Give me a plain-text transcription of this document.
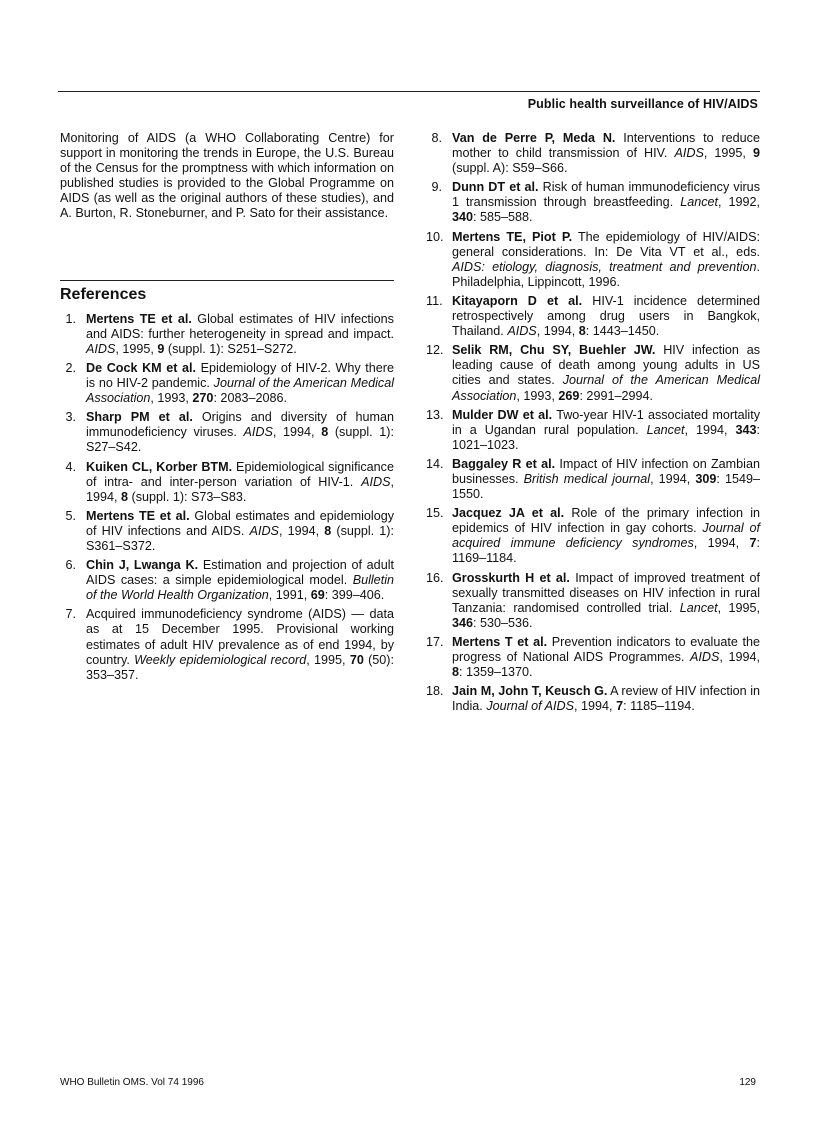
Public health surveillance of HIV/AIDS

Monitoring of AIDS (a WHO Collaborating Centre) for support in monitoring the trends in Europe, the U.S. Bureau of the Census for the promptness with which information on published studies is provided to the Global Programme on AIDS (as well as the original authors of these studies), and A. Burton, R. Stoneburner, and P. Sato for their assistance.

References
1. Mertens TE et al. Global estimates of HIV infections and AIDS: further heterogeneity in spread and impact. AIDS, 1995, 9 (suppl. 1): S251–S272.
2. De Cock KM et al. Epidemiology of HIV-2. Why there is no HIV-2 pandemic. Journal of the American Medical Association, 1993, 270: 2083–2086.
3. Sharp PM et al. Origins and diversity of human immunodeficiency viruses. AIDS, 1994, 8 (suppl. 1): S27–S42.
4. Kuiken CL, Korber BTM. Epidemiological significance of intra- and inter-person variation of HIV-1. AIDS, 1994, 8 (suppl. 1): S73–S83.
5. Mertens TE et al. Global estimates and epidemiology of HIV infections and AIDS. AIDS, 1994, 8 (suppl. 1): S361–S372.
6. Chin J, Lwanga K. Estimation and projection of adult AIDS cases: a simple epidemiological model. Bulletin of the World Health Organization, 1991, 69: 399–406.
7. Acquired immunodeficiency syndrome (AIDS) — data as at 15 December 1995. Provisional working estimates of adult HIV prevalence as of end 1994, by country. Weekly epidemiological record, 1995, 70 (50): 353–357.
8. Van de Perre P, Meda N. Interventions to reduce mother to child transmission of HIV. AIDS, 1995, 9 (suppl. A): S59–S66.
9. Dunn DT et al. Risk of human immunodeficiency virus 1 transmission through breastfeeding. Lancet, 1992, 340: 585–588.
10. Mertens TE, Piot P. The epidemiology of HIV/AIDS: general considerations. In: De Vita VT et al., eds. AIDS: etiology, diagnosis, treatment and prevention. Philadelphia, Lippincott, 1996.
11. Kitayaporn D et al. HIV-1 incidence determined retrospectively among drug users in Bangkok, Thailand. AIDS, 1994, 8: 1443–1450.
12. Selik RM, Chu SY, Buehler JW. HIV infection as leading cause of death among young adults in US cities and states. Journal of the American Medical Association, 1993, 269: 2991–2994.
13. Mulder DW et al. Two-year HIV-1 associated mortality in a Ugandan rural population. Lancet, 1994, 343: 1021–1023.
14. Baggaley R et al. Impact of HIV infection on Zambian businesses. British medical journal, 1994, 309: 1549–1550.
15. Jacquez JA et al. Role of the primary infection in epidemics of HIV infection in gay cohorts. Journal of acquired immune deficiency syndromes, 1994, 7: 1169–1184.
16. Grosskurth H et al. Impact of improved treatment of sexually transmitted diseases on HIV infection in rural Tanzania: randomised controlled trial. Lancet, 1995, 346: 530–536.
17. Mertens T et al. Prevention indicators to evaluate the progress of National AIDS Programmes. AIDS, 1994, 8: 1359–1370.
18. Jain M, John T, Keusch G. A review of HIV infection in India. Journal of AIDS, 1994, 7: 1185–1194.
WHO Bulletin OMS. Vol 74 1996	129
